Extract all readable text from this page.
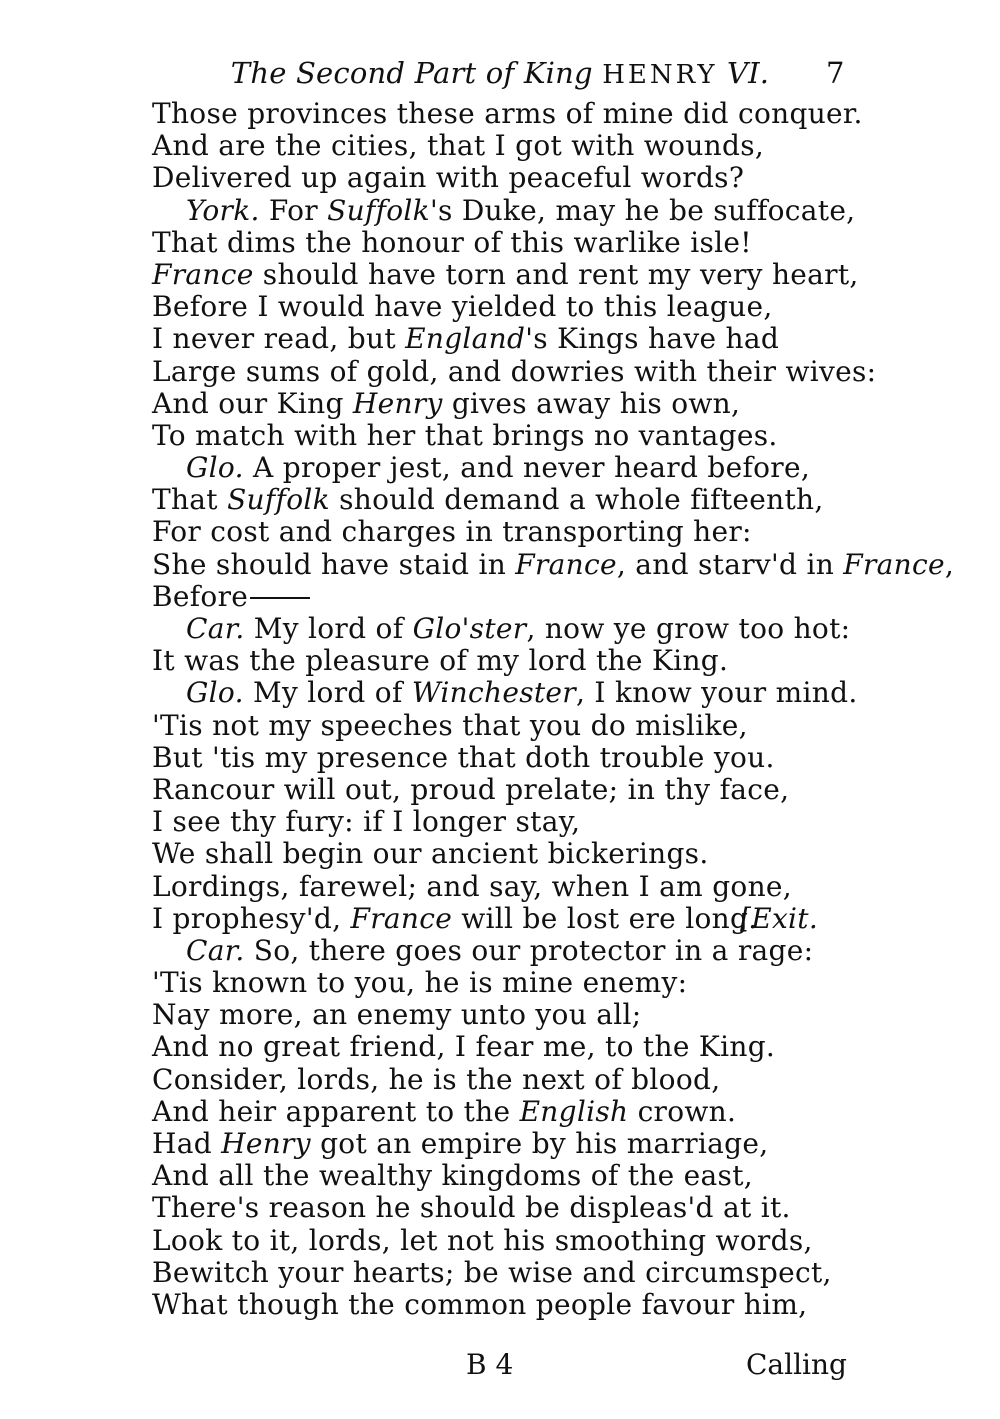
The Second Part of King HENRY VI.	7
Those provinces these arms of mine did conquer.
And are the cities, that I got with wounds,
Delivered up again with peaceful words?
York. For Suffolk's Duke, may he be suffocate,
That dims the honour of this warlike isle!
France should have torn and rent my very heart,
Before I would have yielded to this league,
I never read, but England's Kings have had
Large sums of gold, and dowries with their wives:
And our King Henry gives away his own,
To match with her that brings no vantages.
Glo. A proper jest, and never heard before,
That Suffolk should demand a whole fifteenth,
For cost and charges in transporting her:
She should have staid in France, and starv'd in France,
Before
Car. My lord of Glo'ster, now ye grow too hot:
It was the pleasure of my lord the King.
Glo. My lord of Winchester, I know your mind.
'Tis not my speeches that you do mislike,
But 'tis my presence that doth trouble you.
Rancour will out, proud prelate; in thy face,
I see thy fury: if I longer stay,
We shall begin our ancient bickerings.
Lordings, farewel; and say, when I am gone,
I prophesy'd, France will be lost ere long.
[Exit.
Car. So, there goes our protector in a rage:
'Tis known to you, he is mine enemy:
Nay more, an enemy unto you all;
And no great friend, I fear me, to the King.
Consider, lords, he is the next of blood,
And heir apparent to the English crown.
Had Henry got an empire by his marriage,
And all the wealthy kingdoms of the east,
There's reason he should be displeas'd at it.
Look to it, lords, let not his smoothing words,
Bewitch your hearts; be wise and circumspect,
What though the common people favour him,
B 4	Calling
